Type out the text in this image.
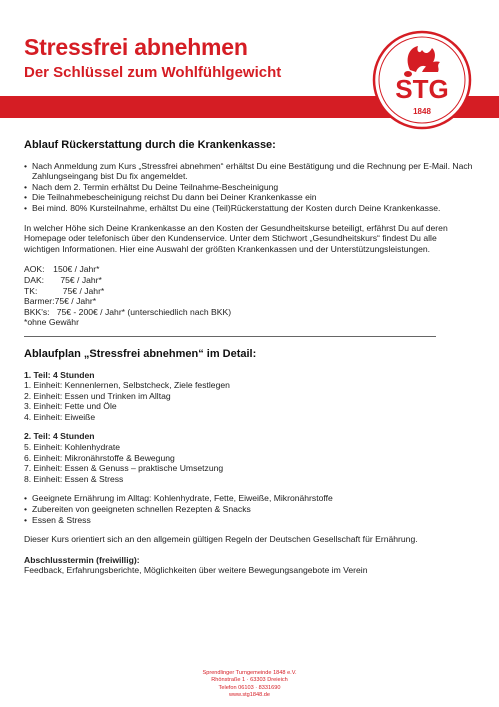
Stressfrei abnehmen
Der Schlüssel zum Wohlfühlgewicht
STG
1848
Ablauf Rückerstattung durch die Krankenkasse:
• Nach Anmeldung zum Kurs „Stressfrei abnehmen“ erhältst Du eine Bestätigung und die Rechnung per E-Mail. Nach Zahlungseingang bist Du fix angemeldet.
• Nach dem 2. Termin erhältst Du Deine Teilnahme-Bescheinigung
• Die Teilnahmebescheinigung reichst Du dann bei Deiner Krankenkasse ein
• Bei mind. 80% Kursteilnahme, erhältst Du eine (Teil)Rückerstattung der Kosten durch Deine Krankenkasse.

In welcher Höhe sich Deine Krankenkasse an den Kosten der Gesundheitskurse beteiligt, erfährst Du auf deren Homepage oder telefonisch über den Kundenservice. Unter dem Stichwort „Gesundheitskurs“ findest Du alle wichtigen Informationen. Hier eine Auswahl der größten Krankenkassen und der Unterstützungsleistungen.

AOK: 150€ / Jahr*
DAK: 75€ / Jahr*
TK:	75€ / Jahr*
Barmer:75€ / Jahr*
BKK's: 75€ - 200€ / Jahr* (unterschiedlich nach BKK)
*ohne Gewähr
Ablaufplan „Stressfrei abnehmen“ im Detail:
1. Teil: 4 Stunden
1. Einheit: Kennenlernen, Selbstcheck, Ziele festlegen
2. Einheit: Essen und Trinken im Alltag
3. Einheit: Fette und Öle
4. Einheit: Eiweiße
2. Teil: 4 Stunden
5. Einheit: Kohlenhydrate
6. Einheit: Mikronährstoffe & Bewegung
7. Einheit: Essen & Genuss – praktische Umsetzung
8. Einheit: Essen & Stress
• Geeignete Ernährung im Alltag: Kohlenhydrate, Fette, Eiweiße, Mikronährstoffe
• Zubereiten von geeigneten schnellen Rezepten & Snacks
• Essen & Stress

Dieser Kurs orientiert sich an den allgemein gültigen Regeln der Deutschen Gesellschaft für Ernährung.

Abschlusstermin (freiwillig):
Feedback, Erfahrungsberichte, Möglichkeiten über weitere Bewegungsangebote im Verein
Sprendlinger Turngemeinde 1848 e.V.
Rhönstraße 1 · 63303 Dreieich
Telefon 06103 · 8331690
www.stg1848.de
